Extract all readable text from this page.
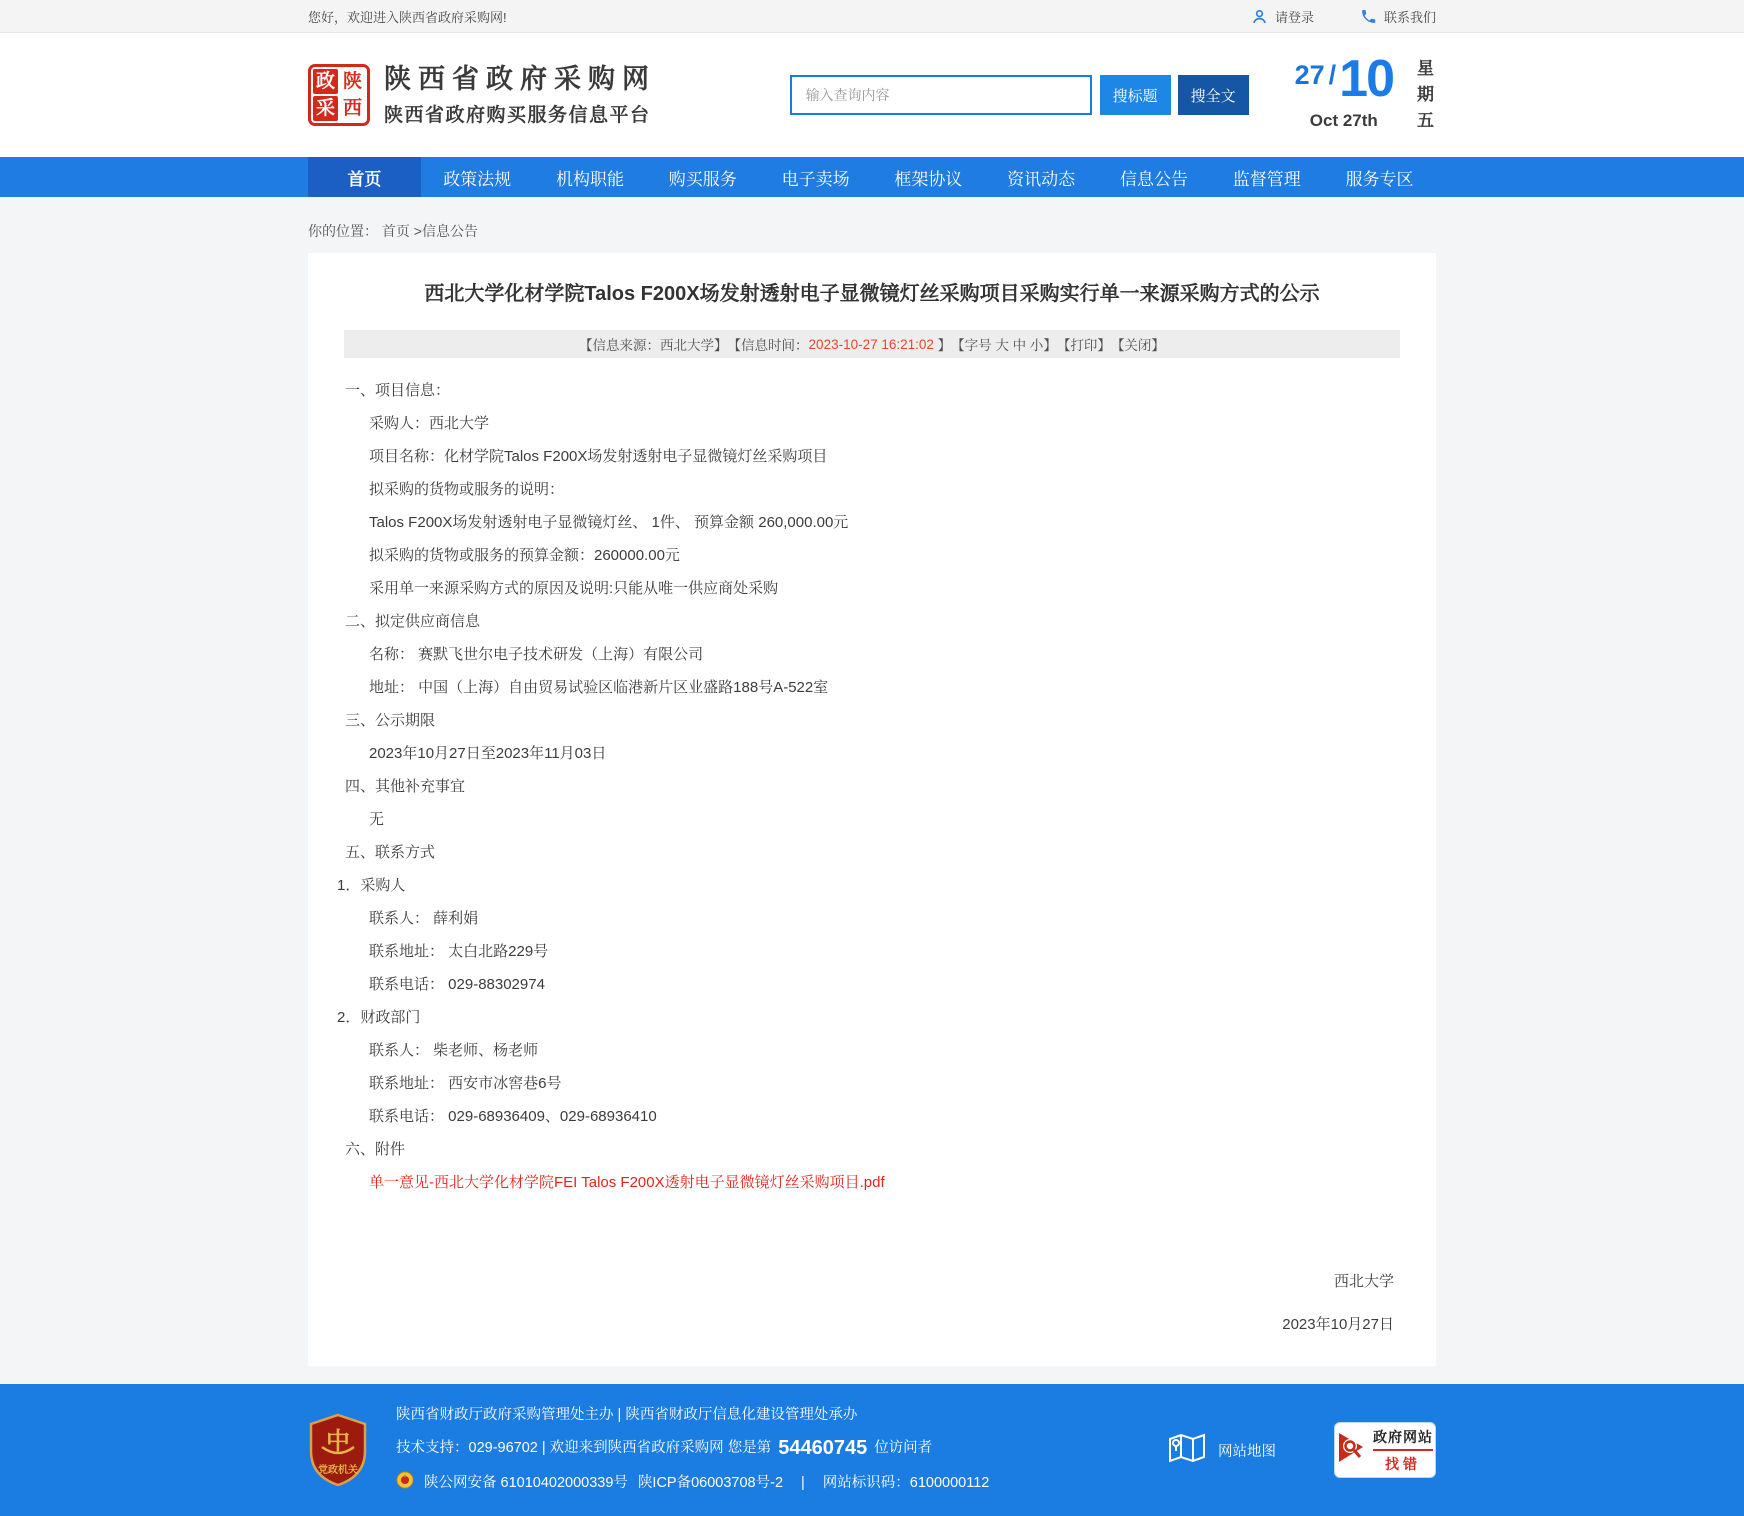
您好，欢迎进入陕西省政府采购网!	请登录	联系我们
政 陕
采 西
陕西省政府采购网
陕西省政府购买服务信息平台
输入查询内容
搜标题	搜全文
27 / 10
Oct 27th	星期五
首页	政策法规	机构职能	购买服务	电子卖场	框架协议	资讯动态	信息公告	监督管理	服务专区
你的位置： 首页 >信息公告
西北大学化材学院Talos F200X场发射透射电子显微镜灯丝采购项目采购实行单一来源采购方式的公示
【信息来源：西北大学】 【信息时间： 2023-10-27 16:21:02 】 【字号 大 中 小】 【打印】 【关闭】

一、项目信息：

采购人：西北大学

项目名称：化材学院Talos F200X场发射透射电子显微镜灯丝采购项目

拟采购的货物或服务的说明：

Talos F200X场发射透射电子显微镜灯丝、 1件、 预算金额 260,000.00元

拟采购的货物或服务的预算金额：260000.00元

采用单一来源采购方式的原因及说明:只能从唯一供应商处采购

二、拟定供应商信息

名称： 赛默飞世尔电子技术研发（上海）有限公司

地址： 中国（上海）自由贸易试验区临港新片区业盛路188号A-522室

三、公示期限

2023年10月27日至2023年11月03日

四、其他补充事宜

无

五、联系方式

1．采购人

联系人： 薛利娟

联系地址： 太白北路229号

联系电话： 029-88302974

2．财政部门

联系人： 柴老师、杨老师

联系地址： 西安市冰窖巷6号

联系电话： 029-68936409、029-68936410

六、附件

单一意见-西北大学化材学院FEI Talos F200X透射电子显微镜灯丝采购项目.pdf
西北大学
2023年10月27日
中
党政机关
陕西省财政厅政府采购管理处主办 | 陕西省财政厅信息化建设管理处承办
技术支持：029-96702 | 欢迎来到陕西省政府采购网 您是第 54460745 位访问者
陕公网安备 61010402000339号 陕ICP备06003708号-2 | 网站标识码：6100000112
网站地图
政府网站
找错
